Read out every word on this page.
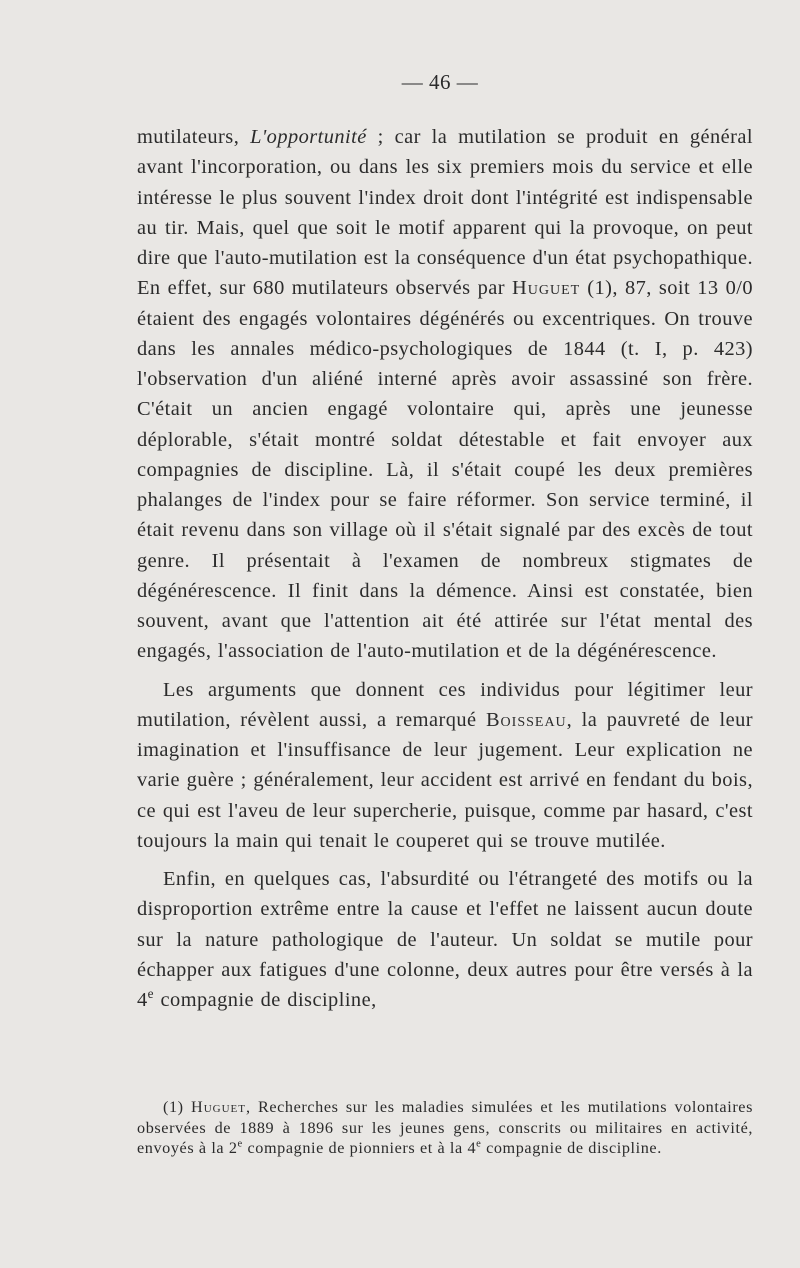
— 46 —

mutilateurs, L'opportunité ; car la mutilation se produit en général avant l'incorporation, ou dans les six premiers mois du service et elle intéresse le plus souvent l'index droit dont l'intégrité est indispensable au tir. Mais, quel que soit le motif apparent qui la provoque, on peut dire que l'auto-mutilation est la conséquence d'un état psychopathique. En effet, sur 680 mutilateurs observés par Huguet (1), 87, soit 13 0/0 étaient des engagés volontaires dégénérés ou excentriques. On trouve dans les annales médico-psychologiques de 1844 (t. I, p. 423) l'observation d'un aliéné interné après avoir assassiné son frère. C'était un ancien engagé volontaire qui, après une jeunesse déplorable, s'était montré soldat détestable et fait envoyer aux compagnies de discipline. Là, il s'était coupé les deux premières phalanges de l'index pour se faire réformer. Son service terminé, il était revenu dans son village où il s'était signalé par des excès de tout genre. Il présentait à l'examen de nombreux stigmates de dégénérescence. Il finit dans la démence. Ainsi est constatée, bien souvent, avant que l'attention ait été attirée sur l'état mental des engagés, l'association de l'auto-mutilation et de la dégénérescence.

Les arguments que donnent ces individus pour légitimer leur mutilation, révèlent aussi, a remarqué Boisseau, la pauvreté de leur imagination et l'insuffisance de leur jugement. Leur explication ne varie guère ; généralement, leur accident est arrivé en fendant du bois, ce qui est l'aveu de leur supercherie, puisque, comme par hasard, c'est toujours la main qui tenait le couperet qui se trouve mutilée.

Enfin, en quelques cas, l'absurdité ou l'étrangeté des motifs ou la disproportion extrême entre la cause et l'effet ne laissent aucun doute sur la nature pathologique de l'auteur. Un soldat se mutile pour échapper aux fatigues d'une colonne, deux autres pour être versés à la 4e compagnie de discipline,

(1) Huguet, Recherches sur les maladies simulées et les mutilations volontaires observées de 1889 à 1896 sur les jeunes gens, conscrits ou militaires en activité, envoyés à la 2e compagnie de pionniers et à la 4e compagnie de discipline.
